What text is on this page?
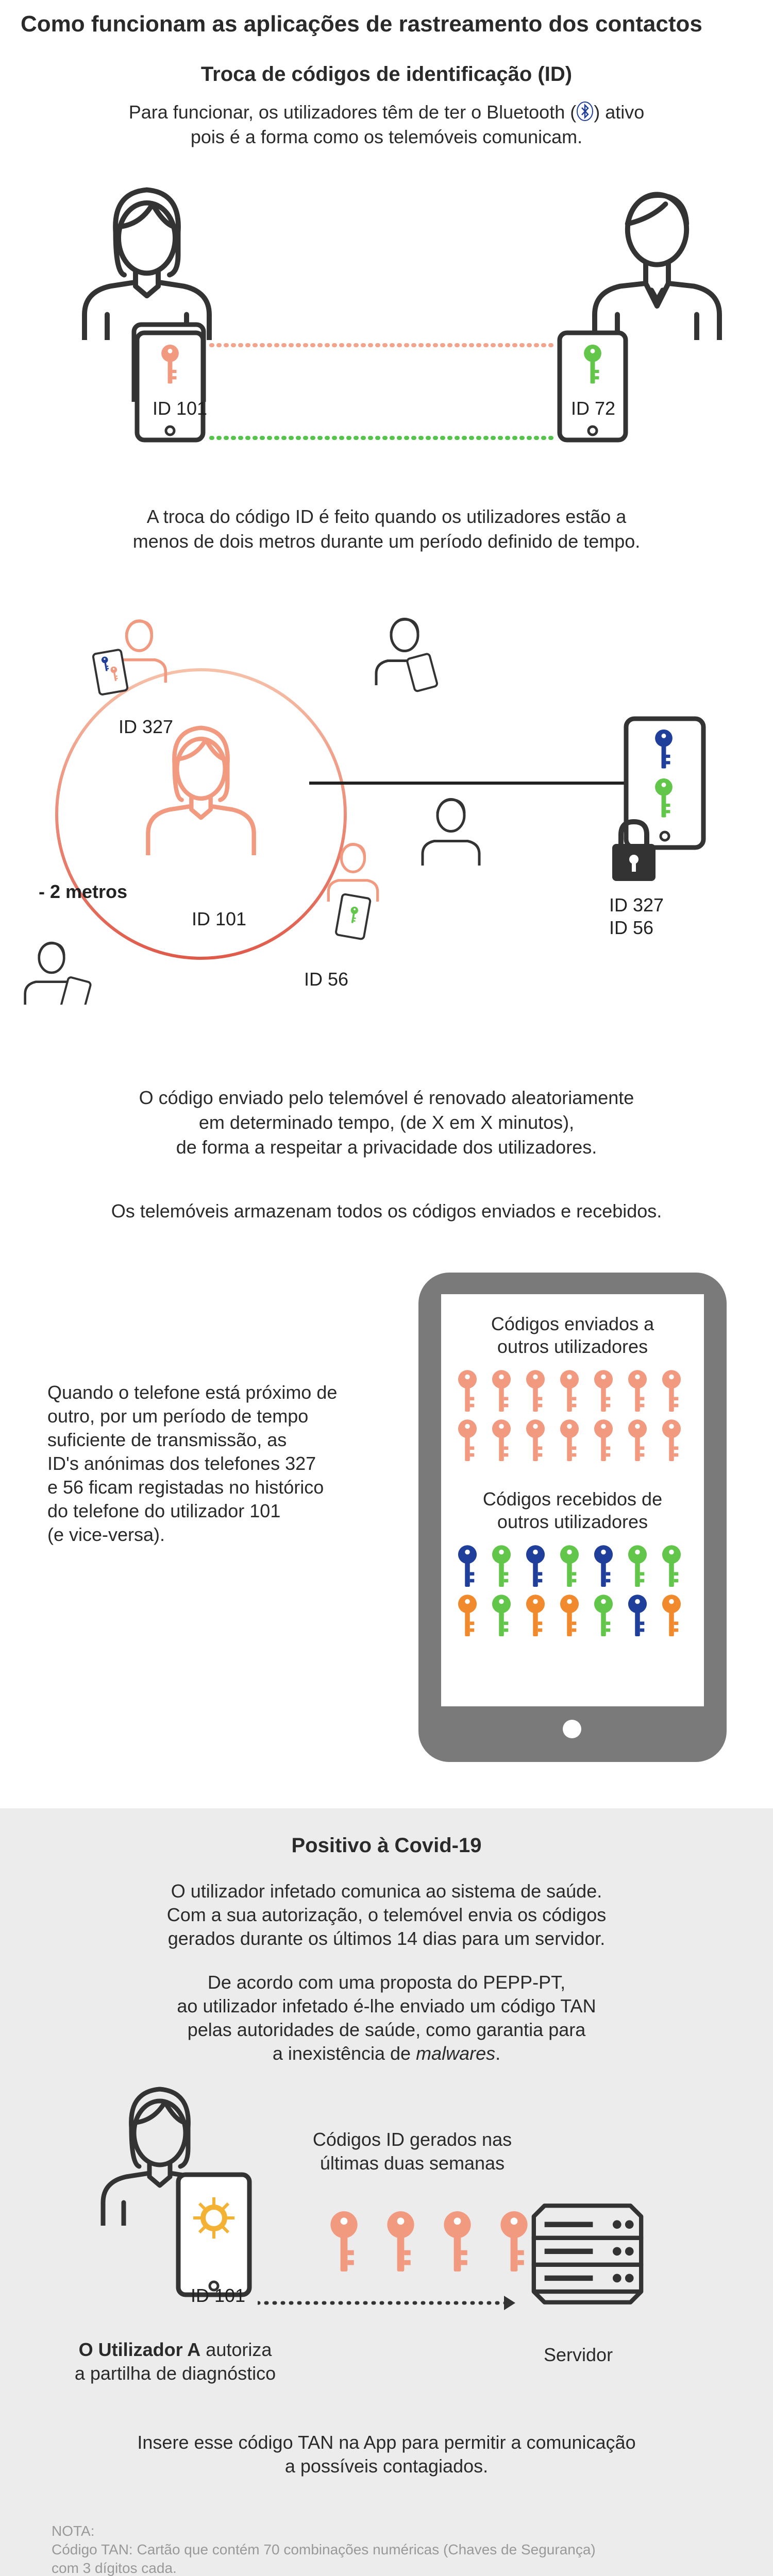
Como funcionam as aplicações de rastreamento dos contactos
Troca de códigos de identificação (ID)
Para funcionar, os utilizadores têm de ter o Bluetooth ( ) ativo
pois é a forma como os telemóveis comunicam.
ID 101	ID 72
A troca do código ID é feito quando os utilizadores estão a
menos de dois metros durante um período definido de tempo.
ID 327
ID 101
ID 56
- 2 metros
ID 327
ID 56
O código enviado pelo telemóvel é renovado aleatoriamente
em determinado tempo, (de X em X minutos),
de forma a respeitar a privacidade dos utilizadores.
Os telemóveis armazenam todos os códigos enviados e recebidos.
Quando o telefone está próximo de
outro, por um período de tempo
suficiente de transmissão, as
ID's anónimas dos telefones 327
e 56 ficam registadas no histórico
do telefone do utilizador 101
(e vice-versa).
Códigos enviados a
outros utilizadores
Códigos recebidos de
outros utilizadores
Positivo à Covid-19
O utilizador infetado comunica ao sistema de saúde.
Com a sua autorização, o telemóvel envia os códigos
gerados durante os últimos 14 dias para um servidor.
De acordo com uma proposta do PEPP-PT,
ao utilizador infetado é-lhe enviado um código TAN
pelas autoridades de saúde, como garantia para
a inexistência de malwares.
ID 101
O Utilizador A autoriza
a partilha de diagnóstico
Códigos ID gerados nas
últimas duas semanas
Servidor
Insere esse código TAN na App para permitir a comunicação
a possíveis contagiados.
NOTA:
Código TAN: Cartão que contém 70 combinações numéricas (Chaves de Segurança)
com 3 dígitos cada.
